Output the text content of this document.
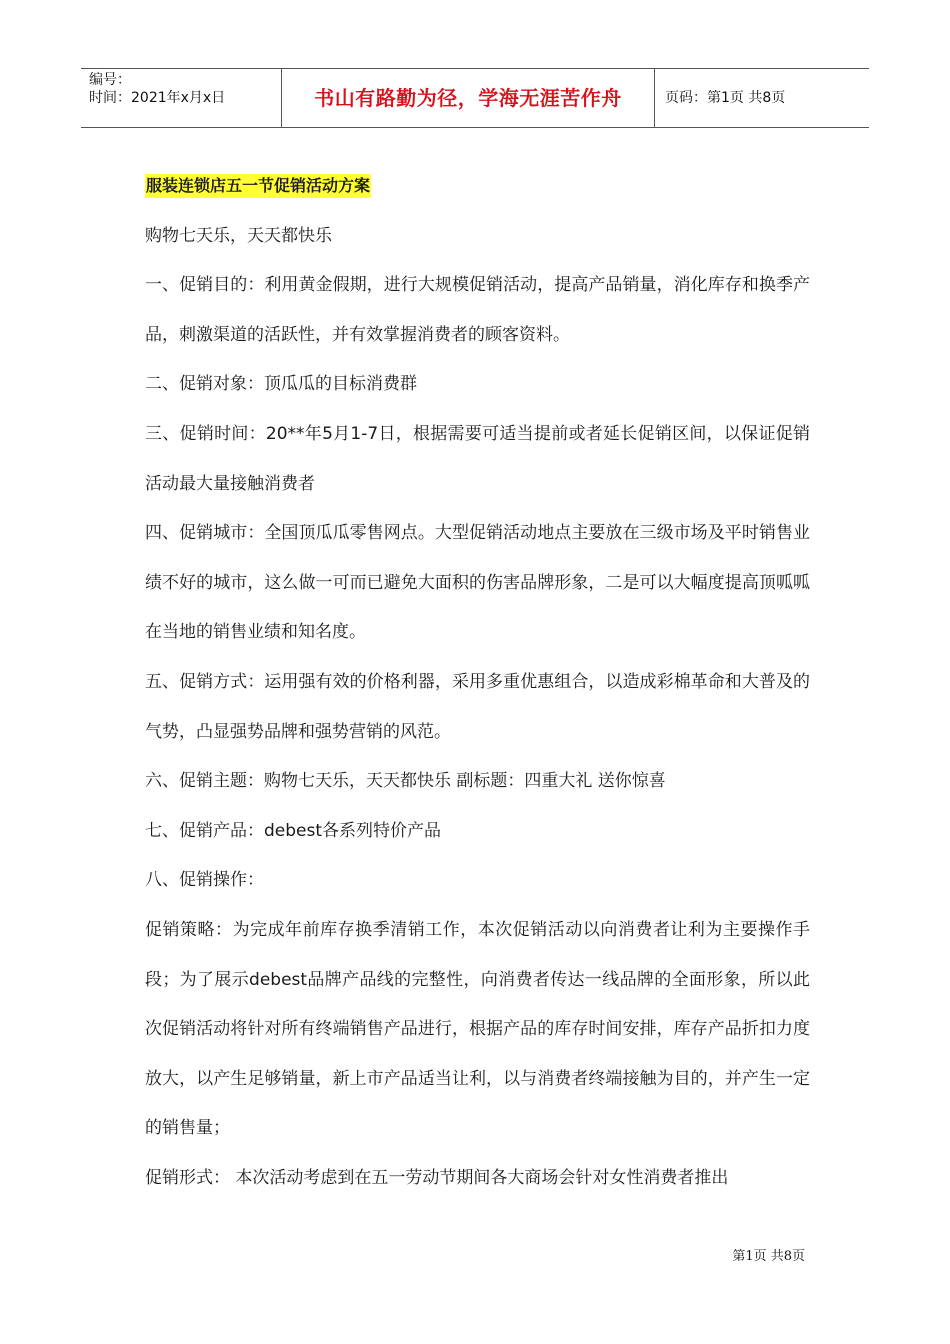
编号：
时间：2021年x月x日	书山有路勤为径，学海无涯苦作舟	页码：第1页 共8页

服装连锁店五一节促销活动方案

购物七天乐，天天都快乐

一、促销目的：利用黄金假期，进行大规模促销活动，提高产品销量，消化库存和换季产品，刺激渠道的活跃性，并有效掌握消费者的顾客资料。

二、促销对象：顶瓜瓜的目标消费群

三、促销时间：20**年5月1-7日，根据需要可适当提前或者延长促销区间，以保证促销活动最大量接触消费者

四、促销城市：全国顶瓜瓜零售网点。大型促销活动地点主要放在三级市场及平时销售业绩不好的城市，这么做一可而已避免大面积的伤害品牌形象，二是可以大幅度提高顶呱呱在当地的销售业绩和知名度。

五、促销方式：运用强有效的价格利器，采用多重优惠组合，以造成彩棉革命和大普及的气势，凸显强势品牌和强势营销的风范。

六、促销主题：购物七天乐，天天都快乐 副标题：四重大礼 送你惊喜

七、促销产品：debest各系列特价产品

八、促销操作：

促销策略：为完成年前库存换季清销工作，本次促销活动以向消费者让利为主要操作手段；为了展示debest品牌产品线的完整性，向消费者传达一线品牌的全面形象，所以此次促销活动将针对所有终端销售产品进行，根据产品的库存时间安排，库存产品折扣力度放大，以产生足够销量，新上市产品适当让利，以与消费者终端接触为目的，并产生一定的销售量；

促销形式： 本次活动考虑到在五一劳动节期间各大商场会针对女性消费者推出

第1页 共8页
